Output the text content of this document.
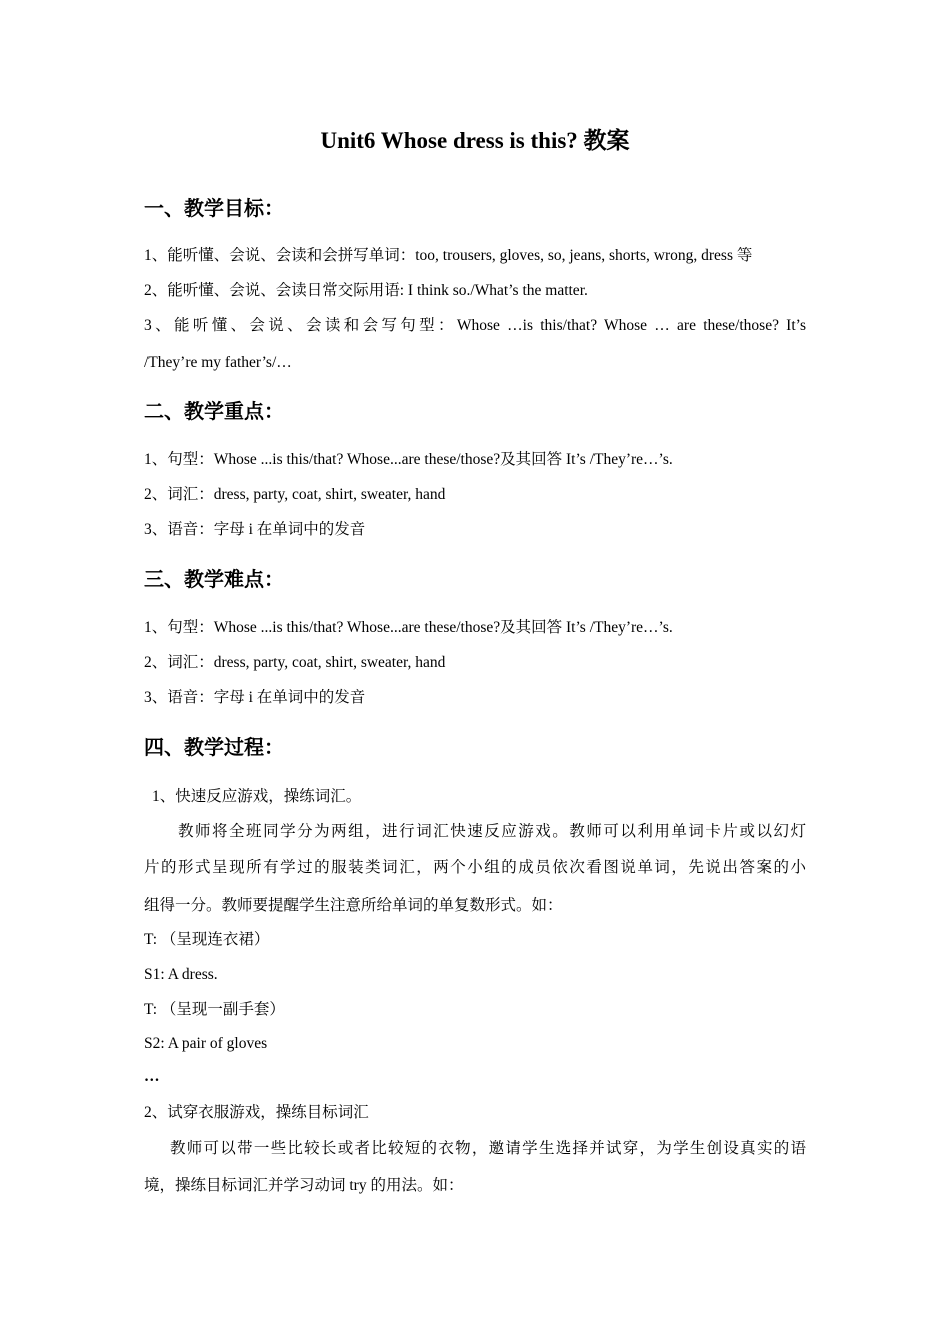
Unit6 Whose dress is this? 教案
一、教学目标：
1、能听懂、会说、会读和会拼写单词：too, trousers, gloves, so, jeans, shorts, wrong, dress 等
2、能听懂、会说、会读日常交际用语: I think so./What’s the matter.
3、能听懂、会说、会读和会写句型：Whose …is this/that? Whose … are these/those? It’s
/They’re my father’s/…
二、教学重点：
1、句型：Whose ...is this/that? Whose...are these/those?及其回答 It’s /They’re…’s.
2、词汇：dress, party, coat, shirt, sweater, hand
3、语音：字母 i 在单词中的发音
三、教学难点：
1、句型：Whose ...is this/that? Whose...are these/those?及其回答 It’s /They’re…’s.
2、词汇：dress, party, coat, shirt, sweater, hand
3、语音：字母 i 在单词中的发音
四、教学过程：
1、快速反应游戏，操练词汇。
教师将全班同学分为两组，进行词汇快速反应游戏。教师可以利用单词卡片或以幻灯
片的形式呈现所有学过的服装类词汇，两个小组的成员依次看图说单词，先说出答案的小
组得一分。教师要提醒学生注意所给单词的单复数形式。如：
T: （呈现连衣裙）
S1: A dress.
T: （呈现一副手套）
S2: A pair of gloves
…
2、试穿衣服游戏，操练目标词汇
教师可以带一些比较长或者比较短的衣物，邀请学生选择并试穿，为学生创设真实的语
境，操练目标词汇并学习动词 try 的用法。如：
